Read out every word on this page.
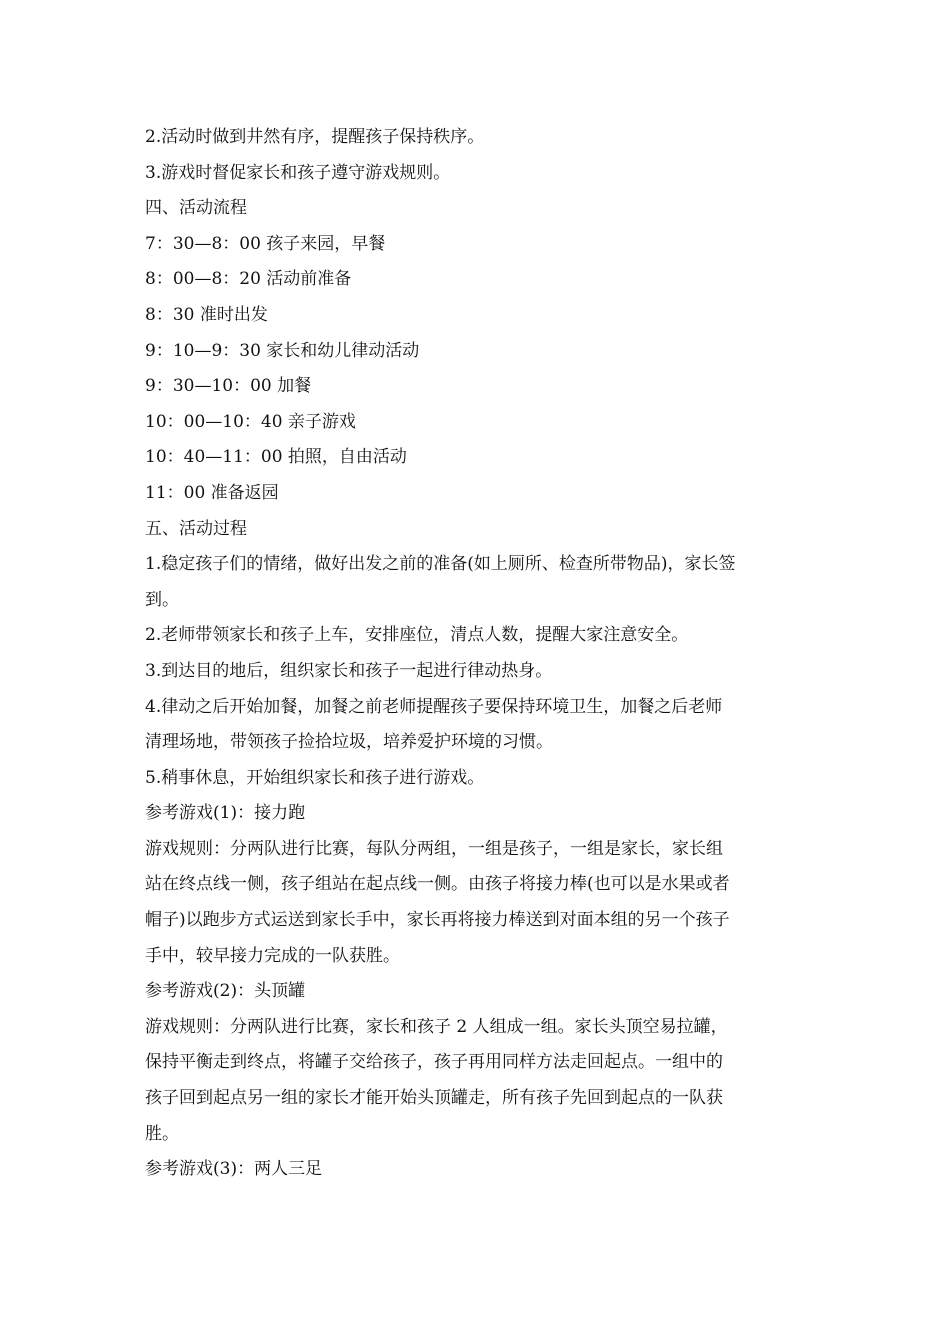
2.活动时做到井然有序，提醒孩子保持秩序。
3.游戏时督促家长和孩子遵守游戏规则。
四、活动流程
7：30—8：00 孩子来园，早餐
8：00—8：20 活动前准备
8：30 准时出发
9：10—9：30 家长和幼儿律动活动
9：30—10：00 加餐
10：00—10：40 亲子游戏
10：40—11：00 拍照，自由活动
11：00 准备返园
五、活动过程
1.稳定孩子们的情绪，做好出发之前的准备(如上厕所、检查所带物品)，家长签
到。
2.老师带领家长和孩子上车，安排座位，清点人数，提醒大家注意安全。
3.到达目的地后，组织家长和孩子一起进行律动热身。
4.律动之后开始加餐，加餐之前老师提醒孩子要保持环境卫生，加餐之后老师
清理场地，带领孩子捡拾垃圾，培养爱护环境的习惯。
5.稍事休息，开始组织家长和孩子进行游戏。
参考游戏(1)：接力跑
游戏规则：分两队进行比赛，每队分两组，一组是孩子，一组是家长，家长组
站在终点线一侧，孩子组站在起点线一侧。由孩子将接力棒(也可以是水果或者
帽子)以跑步方式运送到家长手中，家长再将接力棒送到对面本组的另一个孩子
手中，较早接力完成的一队获胜。
参考游戏(2)：头顶罐
游戏规则：分两队进行比赛，家长和孩子 2 人组成一组。家长头顶空易拉罐，
保持平衡走到终点，将罐子交给孩子，孩子再用同样方法走回起点。一组中的
孩子回到起点另一组的家长才能开始头顶罐走，所有孩子先回到起点的一队获
胜。
参考游戏(3)：两人三足
